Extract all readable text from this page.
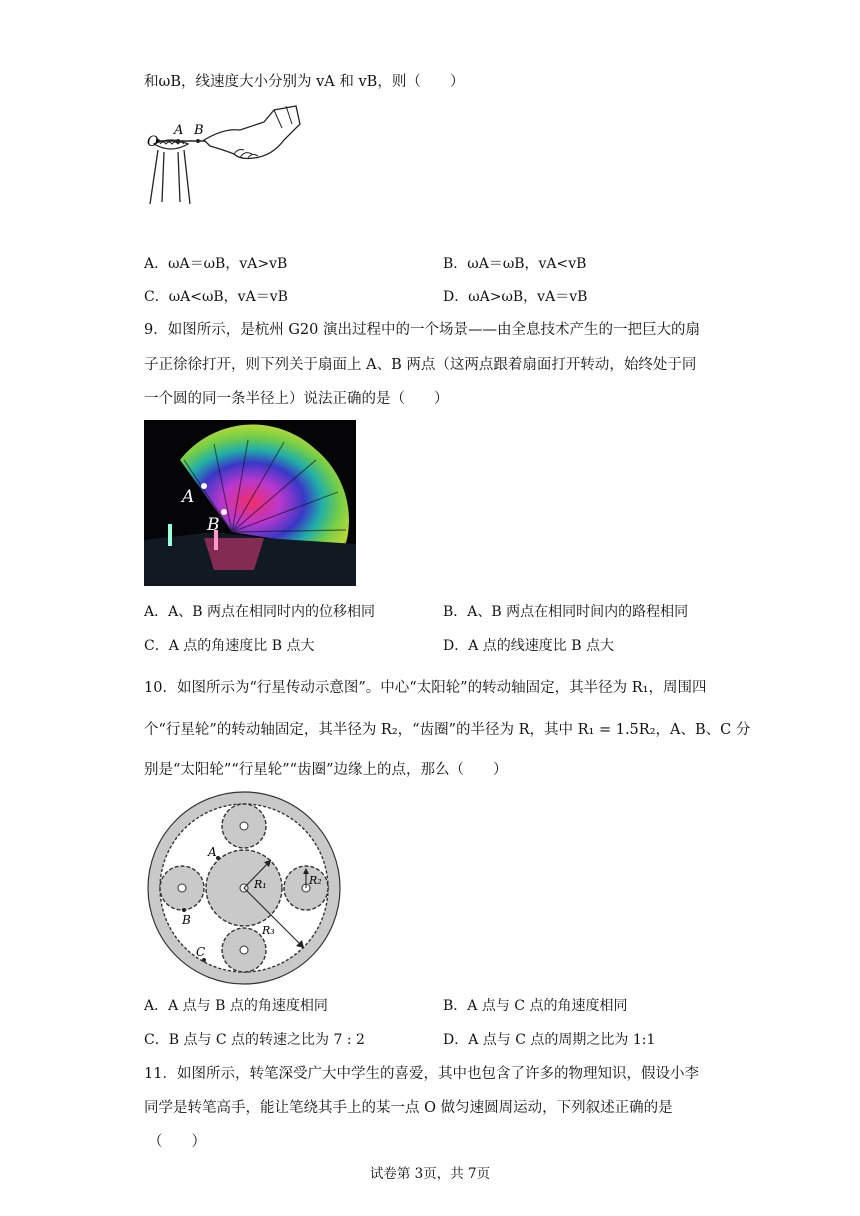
和ωB，线速度大小分别为 vA 和 vB，则（　　）
O
A B
A．ωA＝ωB，vA>vB	B．ωA＝ωB，vA<vB
C．ωA<ωB，vA＝vB	D．ωA>ωB，vA＝vB
9．如图所示，是杭州 G20 演出过程中的一个场景——由全息技术产生的一把巨大的扇
子正徐徐打开，则下列关于扇面上 A、B 两点（这两点跟着扇面打开转动，始终处于同
一个圆的同一条半径上）说法正确的是（　　）
A
B
A．A、B 两点在相同时内的位移相同	B．A、B 两点在相同时间内的路程相同
C．A 点的角速度比 B 点大	D．A 点的线速度比 B 点大
10．如图所示为“行星传动示意图”。中心“太阳轮”的转动轴固定，其半径为 R₁，周围四
个“行星轮”的转动轴固定，其半径为 R₂，“齿圈”的半径为 R，其中 R₁ = 1.5R₂，A、B、C 分
别是“太阳轮”“行星轮”“齿圈”边缘上的点，那么（　　）
A
B
C
R₁	R₂
R₃
A．A 点与 B 点的角速度相同	B．A 点与 C 点的角速度相同
C．B 点与 C 点的转速之比为 7 : 2	D．A 点与 C 点的周期之比为 1:1
11．如图所示，转笔深受广大中学生的喜爱，其中也包含了许多的物理知识，假设小李
同学是转笔高手，能让笔绕其手上的某一点 O 做匀速圆周运动，下列叙述正确的是
（　　）
试卷第 3页，共 7页
